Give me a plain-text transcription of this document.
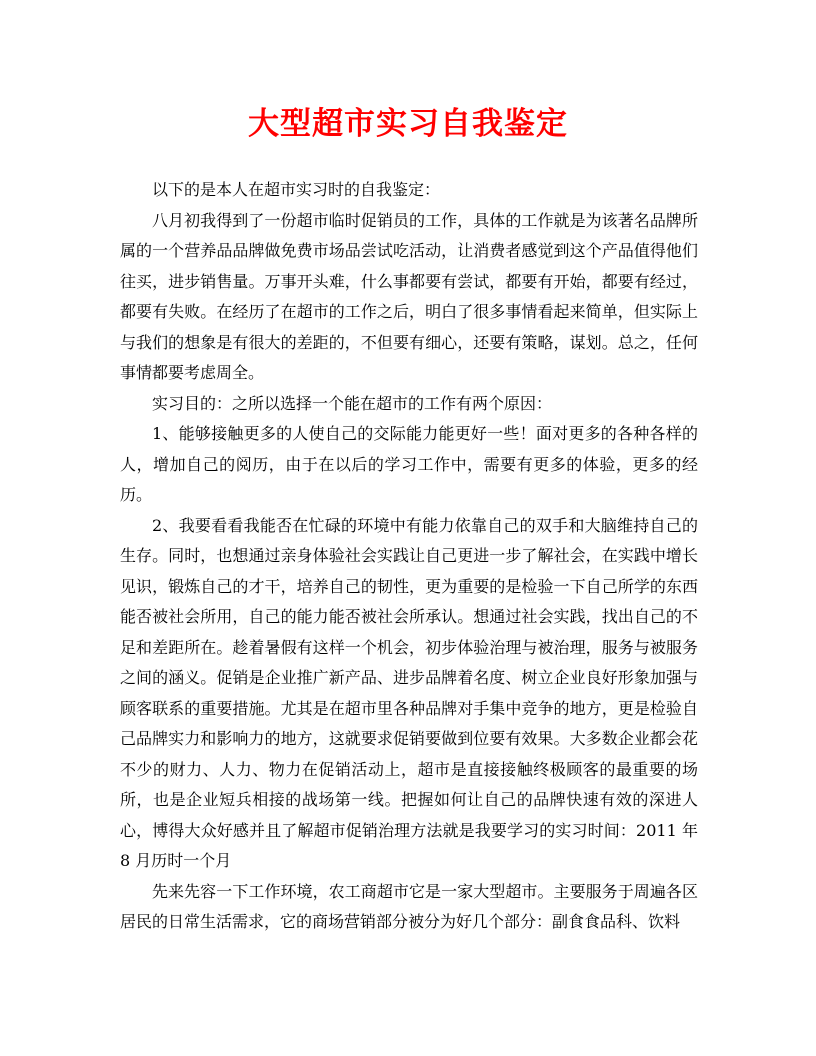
大型超市实习自我鉴定

以下的是本人在超市实习时的自我鉴定：

八月初我得到了一份超市临时促销员的工作，具体的工作就是为该著名品牌所属的一个营养品品牌做免费市场品尝试吃活动，让消费者感觉到这个产品值得他们往买，进步销售量。万事开头难，什么事都要有尝试，都要有开始，都要有经过，都要有失败。在经历了在超市的工作之后，明白了很多事情看起来简单，但实际上与我们的想象是有很大的差距的，不但要有细心，还要有策略，谋划。总之，任何事情都要考虑周全。

实习目的：之所以选择一个能在超市的工作有两个原因：

1、能够接触更多的人使自己的交际能力能更好一些！面对更多的各种各样的人，增加自己的阅历，由于在以后的学习工作中，需要有更多的体验，更多的经历。

2、我要看看我能否在忙碌的环境中有能力依靠自己的双手和大脑维持自己的生存。同时，也想通过亲身体验社会实践让自己更进一步了解社会，在实践中增长见识，锻炼自己的才干，培养自己的韧性，更为重要的是检验一下自己所学的东西能否被社会所用，自己的能力能否被社会所承认。想通过社会实践，找出自己的不足和差距所在。趁着暑假有这样一个机会，初步体验治理与被治理，服务与被服务之间的涵义。促销是企业推广新产品、进步品牌着名度、树立企业良好形象加强与顾客联系的重要措施。尤其是在超市里各种品牌对手集中竞争的地方，更是检验自己品牌实力和影响力的地方，这就要求促销要做到位要有效果。大多数企业都会花不少的财力、人力、物力在促销活动上，超市是直接接触终极顾客的最重要的场所，也是企业短兵相接的战场第一线。把握如何让自己的品牌快速有效的深进人心，博得大众好感并且了解超市促销治理方法就是我要学习的实习时间：2011 年 8 月历时一个月

先来先容一下工作环境，农工商超市它是一家大型超市。主要服务于周遍各区居民的日常生活需求，它的商场营销部分被分为好几个部分：副食食品科、饮料
